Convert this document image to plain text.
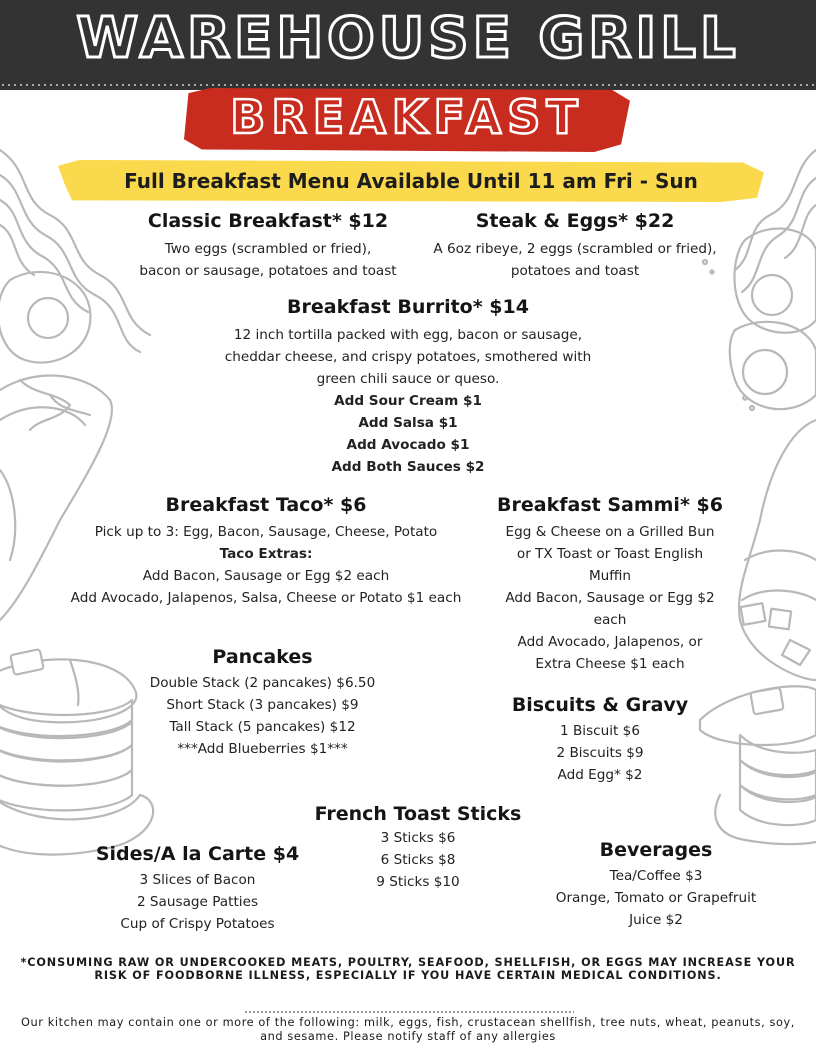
WAREHOUSE GRILL
BREAKFAST
Full Breakfast Menu Available Until 11 am Fri - Sun
Classic Breakfast* $12
Two eggs (scrambled or fried),
bacon or sausage, potatoes and toast
Steak & Eggs* $22
A 6oz ribeye, 2 eggs (scrambled or fried),
potatoes and toast
Breakfast Burrito* $14
12 inch tortilla packed with egg, bacon or sausage,
cheddar cheese, and crispy potatoes, smothered with
green chili sauce or queso.
Add Sour Cream $1
Add Salsa $1
Add Avocado $1
Add Both Sauces $2
Breakfast Taco* $6
Pick up to 3: Egg, Bacon, Sausage, Cheese, Potato
Taco Extras:
Add Bacon, Sausage or Egg $2 each
Add Avocado, Jalapenos, Salsa, Cheese or Potato $1 each
Breakfast Sammi* $6
Egg & Cheese on a Grilled Bun
or TX Toast or Toast English
Muffin
Add Bacon, Sausage or Egg $2
each
Add Avocado, Jalapenos, or
Extra Cheese $1 each
Pancakes
Double Stack (2 pancakes) $6.50
Short Stack (3 pancakes) $9
Tall Stack (5 pancakes) $12
***Add Blueberries $1***
Biscuits & Gravy
1 Biscuit $6
2 Biscuits $9
Add Egg* $2
French Toast Sticks
3 Sticks $6
6 Sticks $8
9 Sticks $10
Sides/A la Carte $4
3 Slices of Bacon
2 Sausage Patties
Cup of Crispy Potatoes
Beverages
Tea/Coffee $3
Orange, Tomato or Grapefruit
Juice $2
*CONSUMING RAW OR UNDERCOOKED MEATS, POULTRY, SEAFOOD, SHELLFISH, OR EGGS MAY INCREASE YOUR RISK OF FOODBORNE ILLNESS, ESPECIALLY IF YOU HAVE CERTAIN MEDICAL CONDITIONS.
Our kitchen may contain one or more of the following: milk, eggs, fish, crustacean shellfish, tree nuts, wheat, peanuts, soy, and sesame. Please notify staff of any allergies
